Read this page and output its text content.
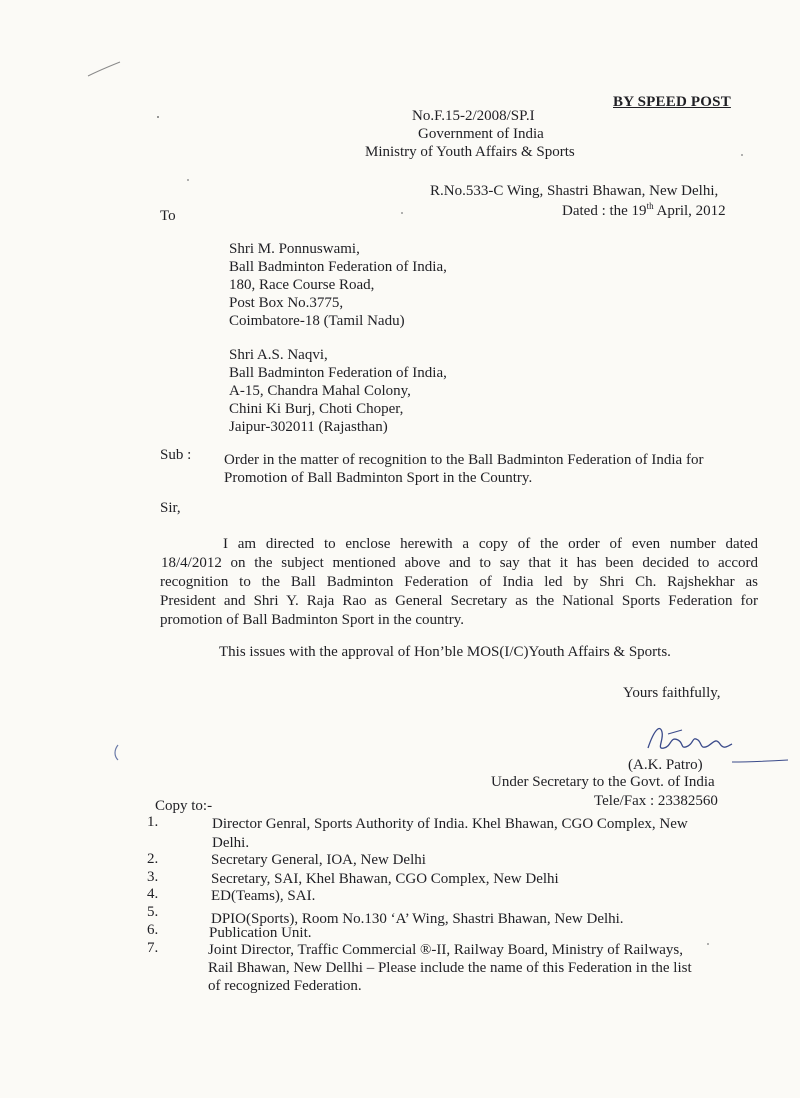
BY SPEED POST
No.F.15-2/2008/SP.I
Government of India
Ministry of Youth Affairs & Sports
R.No.533-C Wing, Shastri Bhawan, New Delhi,
Dated : the 19th April, 2012
To
Shri M. Ponnuswami,
Ball Badminton Federation of India,
180, Race Course Road,
Post Box No.3775,
Coimbatore-18 (Tamil Nadu)
Shri A.S. Naqvi,
Ball Badminton Federation of India,
A-15, Chandra Mahal Colony,
Chini Ki Burj, Choti Choper,
Jaipur-302011 (Rajasthan)
Sub : Order in the matter of recognition to the Ball Badminton Federation of India for
Promotion of Ball Badminton Sport in the Country.
Sir,
I am directed to enclose herewith a copy of the order of even number dated
18/4/2012 on the subject mentioned above and to say that it has been decided to accord
recognition to the Ball Badminton Federation of India led by Shri Ch. Rajshekhar as
President and Shri Y. Raja Rao as General Secretary as the National Sports Federation for
promotion of Ball Badminton Sport in the country.
This issues with the approval of Hon’ble MOS(I/C)Youth Affairs & Sports.
Yours faithfully,
(A.K. Patro)
Under Secretary to the Govt. of India
Tele/Fax : 23382560
Copy to:-
1.	Director Genral, Sports Authority of India. Khel Bhawan, CGO Complex, New
Delhi.
2.	Secretary General, IOA, New Delhi
3.	Secretary, SAI, Khel Bhawan, CGO Complex, New Delhi
4.	ED(Teams), SAI.
5.	DPIO(Sports), Room No.130 ‘A’ Wing, Shastri Bhawan, New Delhi.
6.	Publication Unit.
7.	Joint Director, Traffic Commercial ®-II, Railway Board, Ministry of Railways,
Rail Bhawan, New Dellhi – Please include the name of this Federation in the list
of recognized Federation.
